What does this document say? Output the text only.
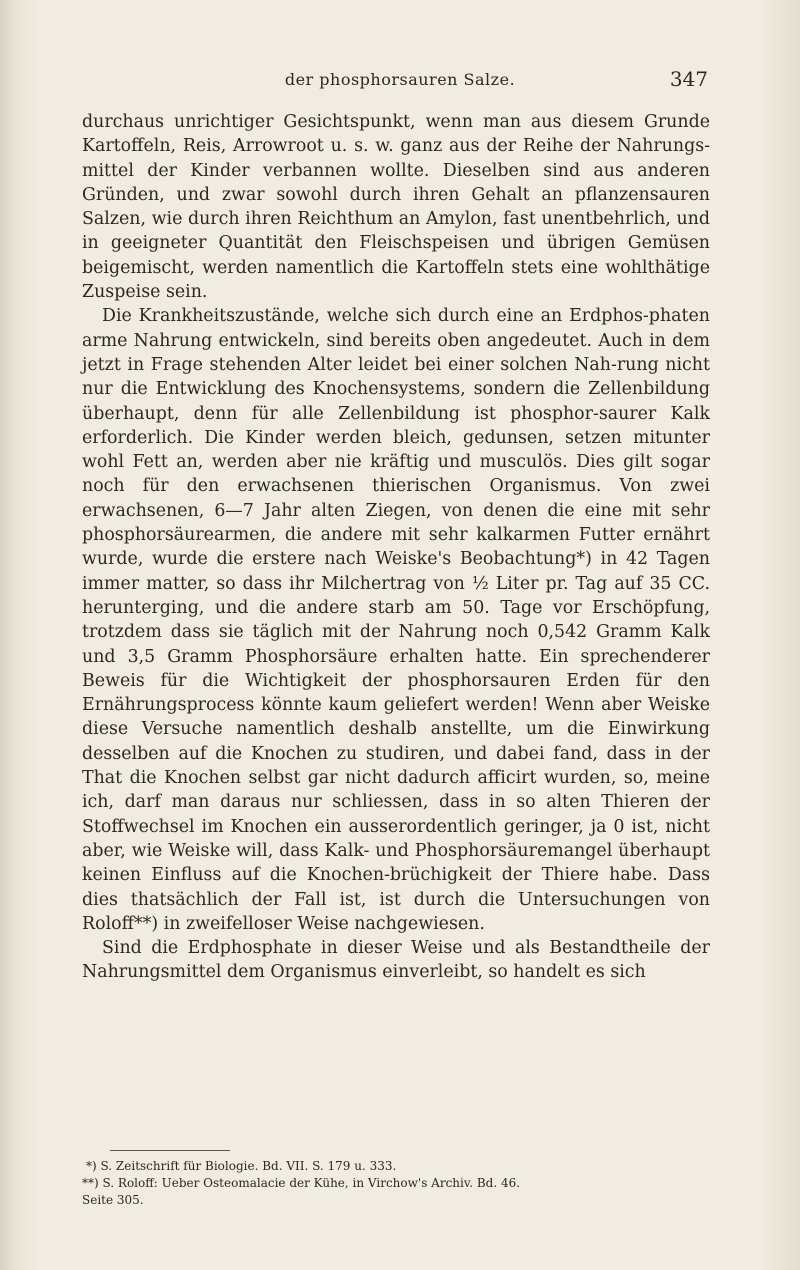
der phosphorsauren Salze.	347

durchaus unrichtiger Gesichtspunkt, wenn man aus diesem Grunde Kartoffeln, Reis, Arrowroot u. s. w. ganz aus der Reihe der Nahrungs-mittel der Kinder verbannen wollte. Dieselben sind aus anderen Gründen, und zwar sowohl durch ihren Gehalt an pflanzensauren Salzen, wie durch ihren Reichthum an Amylon, fast unentbehrlich, und in geeigneter Quantität den Fleischspeisen und übrigen Gemüsen beigemischt, werden namentlich die Kartoffeln stets eine wohlthätige Zuspeise sein.

Die Krankheitszustände, welche sich durch eine an Erdphos-phaten arme Nahrung entwickeln, sind bereits oben angedeutet. Auch in dem jetzt in Frage stehenden Alter leidet bei einer solchen Nah-rung nicht nur die Entwicklung des Knochensystems, sondern die Zellenbildung überhaupt, denn für alle Zellenbildung ist phosphor-saurer Kalk erforderlich. Die Kinder werden bleich, gedunsen, setzen mitunter wohl Fett an, werden aber nie kräftig und musculös. Dies gilt sogar noch für den erwachsenen thierischen Organismus. Von zwei erwachsenen, 6—7 Jahr alten Ziegen, von denen die eine mit sehr phosphorsäurearmen, die andere mit sehr kalkarmen Futter ernährt wurde, wurde die erstere nach Weiske's Beobachtung*) in 42 Tagen immer matter, so dass ihr Milchertrag von ½ Liter pr. Tag auf 35 CC. herunterging, und die andere starb am 50. Tage vor Erschöpfung, trotzdem dass sie täglich mit der Nahrung noch 0,542 Gramm Kalk und 3,5 Gramm Phosphorsäure erhalten hatte. Ein sprechenderer Beweis für die Wichtigkeit der phosphorsauren Erden für den Ernährungsprocess könnte kaum geliefert werden! Wenn aber Weiske diese Versuche namentlich deshalb anstellte, um die Einwirkung desselben auf die Knochen zu studiren, und dabei fand, dass in der That die Knochen selbst gar nicht dadurch afficirt wurden, so, meine ich, darf man daraus nur schliessen, dass in so alten Thieren der Stoffwechsel im Knochen ein ausserordentlich geringer, ja 0 ist, nicht aber, wie Weiske will, dass Kalk- und Phosphorsäuremangel überhaupt keinen Einfluss auf die Knochen-brüchigkeit der Thiere habe. Dass dies thatsächlich der Fall ist, ist durch die Untersuchungen von Roloff**) in zweifelloser Weise nachgewiesen.

Sind die Erdphosphate in dieser Weise und als Bestandtheile der Nahrungsmittel dem Organismus einverleibt, so handelt es sich

*) S. Zeitschrift für Biologie. Bd. VII. S. 179 u. 333.
**) S. Roloff: Ueber Osteomalacie der Kühe, in Virchow's Archiv. Bd. 46.
Seite 305.
